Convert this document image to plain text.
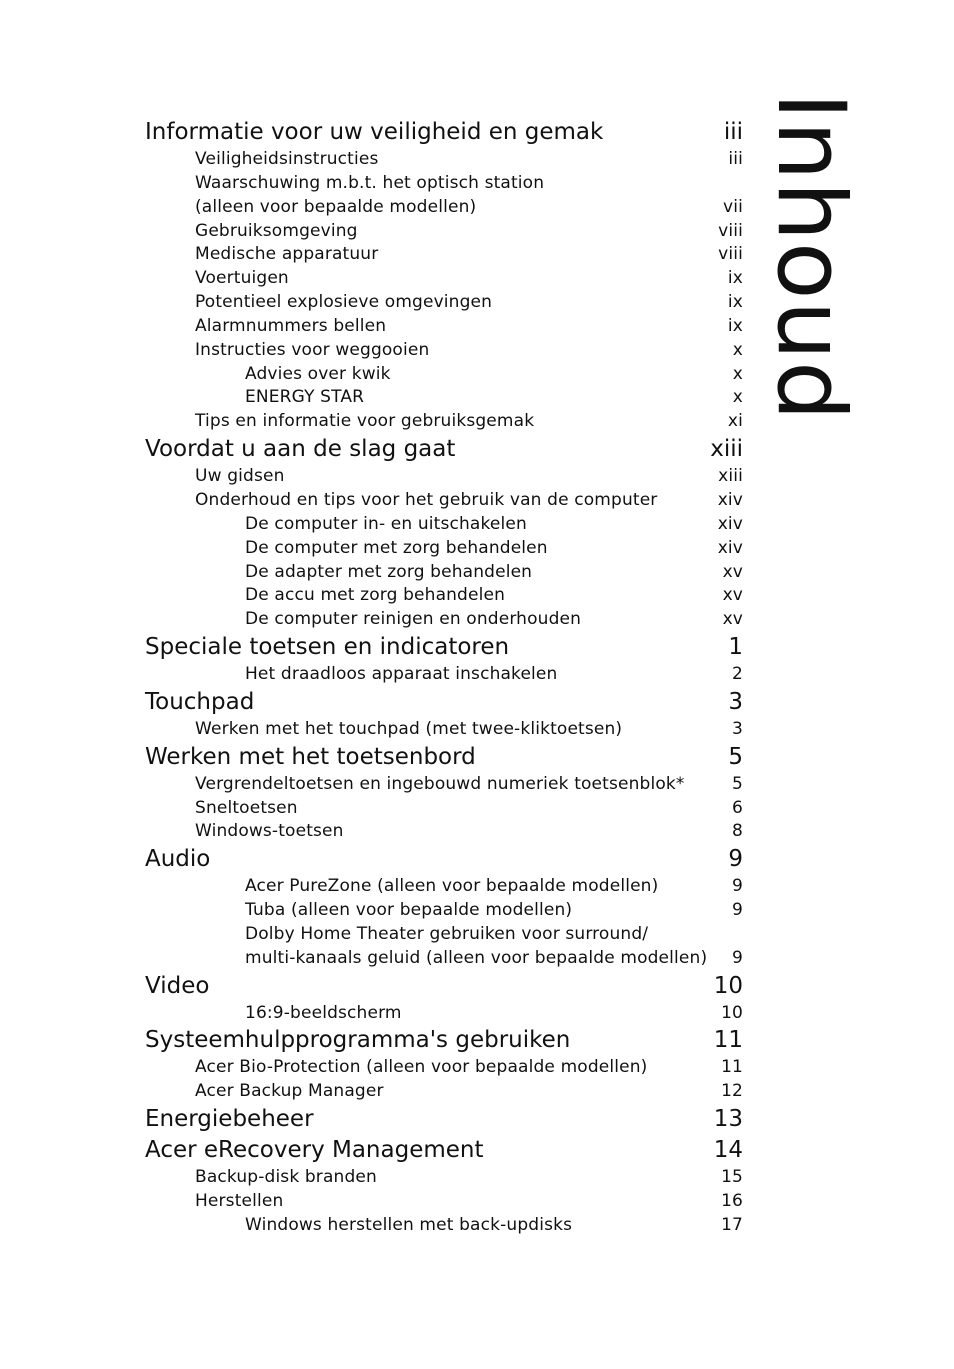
Informatie voor uw veiligheid en gemak	iii
Veiligheidsinstructies	iii
Waarschuwing m.b.t. het optisch station
(alleen voor bepaalde modellen)	vii
Gebruiksomgeving	viii
Medische apparatuur	viii
Voertuigen	ix
Potentieel explosieve omgevingen	ix
Alarmnummers bellen	ix
Instructies voor weggooien	x
Advies over kwik	x
ENERGY STAR	x
Tips en informatie voor gebruiksgemak	xi
Voordat u aan de slag gaat	xiii
Uw gidsen	xiii
Onderhoud en tips voor het gebruik van de computer	xiv
De computer in- en uitschakelen	xiv
De computer met zorg behandelen	xiv
De adapter met zorg behandelen	xv
De accu met zorg behandelen	xv
De computer reinigen en onderhouden	xv
Speciale toetsen en indicatoren	1
Het draadloos apparaat inschakelen	2
Touchpad	3
Werken met het touchpad (met twee-kliktoetsen)	3
Werken met het toetsenbord	5
Vergrendeltoetsen en ingebouwd numeriek toetsenblok*	5
Sneltoetsen	6
Windows-toetsen	8
Audio	9
Acer PureZone (alleen voor bepaalde modellen)	9
Tuba (alleen voor bepaalde modellen)	9
Dolby Home Theater gebruiken voor surround/
multi-kanaals geluid (alleen voor bepaalde modellen) 9
Video	10
16:9-beeldscherm	10
Systeemhulpprogramma's gebruiken	11
Acer Bio-Protection (alleen voor bepaalde modellen)	11
Acer Backup Manager	12
Energiebeheer	13
Acer eRecovery Management	14
Backup-disk branden	15
Herstellen	16
Windows herstellen met back-updisks	17
Inhoud
